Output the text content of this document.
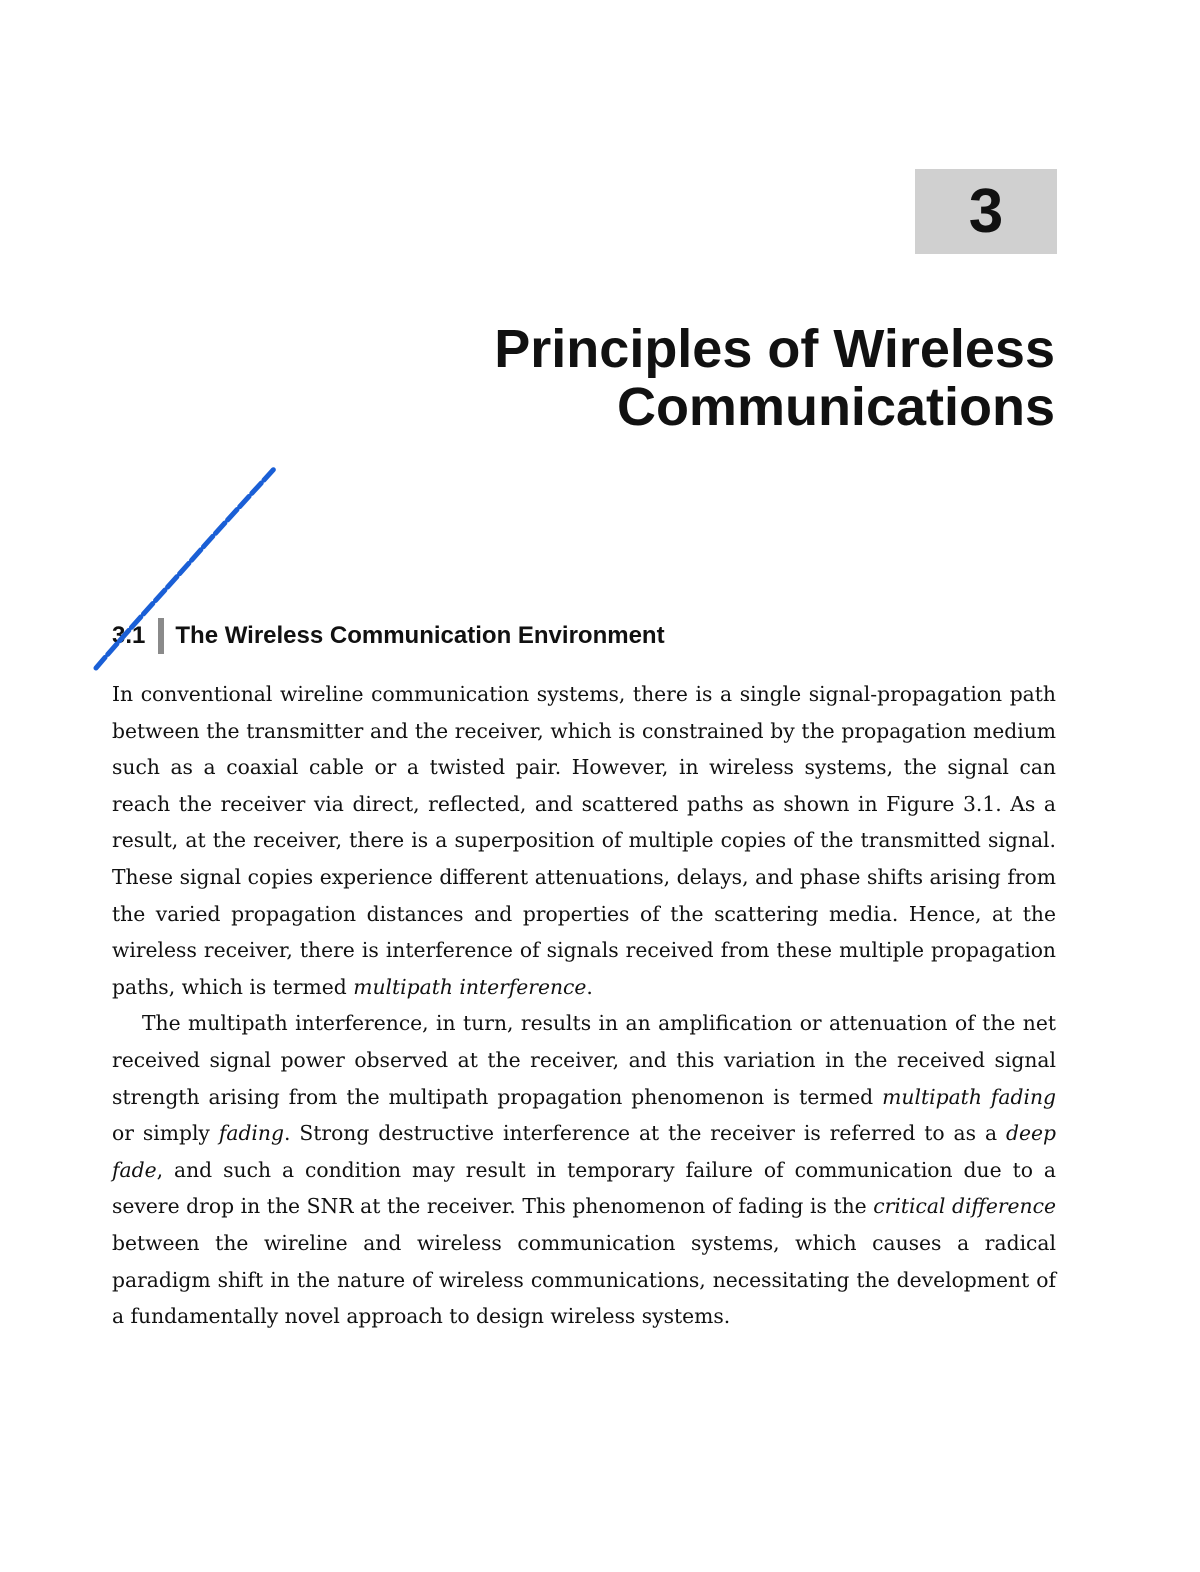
3
Principles of Wireless
Communications
3.1 The Wireless Communication Environment

In conventional wireline communication systems, there is a single signal-propagation path between the transmitter and the receiver, which is constrained by the propagation medium such as a coaxial cable or a twisted pair. However, in wireless systems, the signal can reach the receiver via direct, reflected, and scattered paths as shown in Figure 3.1. As a result, at the receiver, there is a superposition of multiple copies of the transmitted signal. These signal copies experience different attenuations, delays, and phase shifts arising from the varied propagation distances and properties of the scattering media. Hence, at the wireless receiver, there is interference of signals received from these multiple propagation paths, which is termed multipath interference.

The multipath interference, in turn, results in an amplification or attenuation of the net received signal power observed at the receiver, and this variation in the received signal strength arising from the multipath propagation phenomenon is termed multipath fading or simply fading. Strong destructive interference at the receiver is referred to as a deep fade, and such a condition may result in temporary failure of communication due to a severe drop in the SNR at the receiver. This phenomenon of fading is the critical difference between the wireline and wireless communication systems, which causes a radical paradigm shift in the nature of wireless communications, necessitating the development of a fundamentally novel approach to design wireless systems.
